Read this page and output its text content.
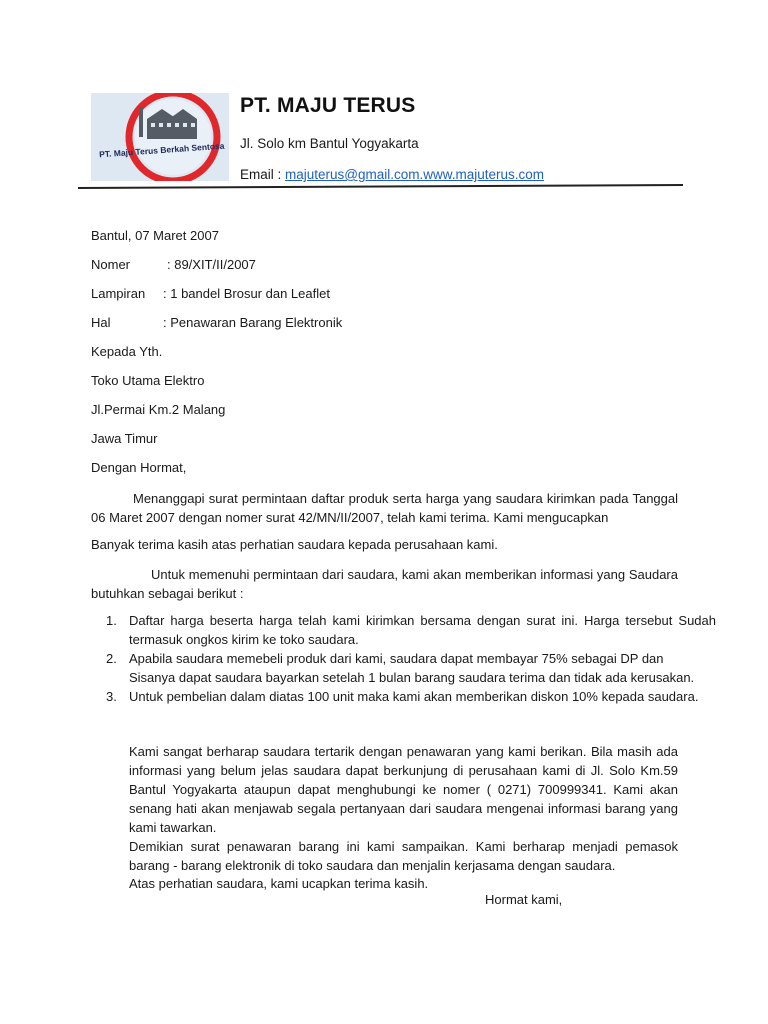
PT. Maju Terus Berkah Sentosa
PT. MAJU TERUS
Jl. Solo km Bantul Yogyakarta
Email : majuterus@gmail.com.www.majuterus.com
Bantul, 07 Maret 2007
Nomer	: 89/XIT/II/2007
Lampiran : 1 bandel Brosur dan Leaflet
Hal	: Penawaran Barang Elektronik
Kepada Yth.
Toko Utama Elektro
Jl.Permai Km.2 Malang
Jawa Timur
Dengan Hormat,
Menanggapi surat permintaan daftar produk serta harga yang saudara kirimkan pada Tanggal 06 Maret 2007 dengan nomer surat 42/MN/II/2007, telah kami terima. Kami mengucapkan
Banyak terima kasih atas perhatian saudara kepada perusahaan kami.
Untuk memenuhi permintaan dari saudara, kami akan memberikan informasi yang Saudara butuhkan sebagai berikut :
1. Daftar harga beserta harga telah kami kirimkan bersama dengan surat ini. Harga tersebut Sudah termasuk ongkos kirim ke toko saudara.
2. Apabila saudara memebeli produk dari kami, saudara dapat membayar 75% sebagai DP dan
Sisanya dapat saudara bayarkan setelah 1 bulan barang saudara terima dan tidak ada kerusakan.
3. Untuk pembelian dalam diatas 100 unit maka kami akan memberikan diskon 10% kepada saudara.
Kami sangat berharap saudara tertarik dengan penawaran yang kami berikan. Bila masih ada informasi yang belum jelas saudara dapat berkunjung di perusahaan kami di Jl. Solo Km.59 Bantul Yogyakarta ataupun dapat menghubungi ke nomer ( 0271) 700999341. Kami akan senang hati akan menjawab segala pertanyaan dari saudara mengenai informasi barang yang kami tawarkan.
Demikian surat penawaran barang ini kami sampaikan. Kami berharap menjadi pemasok barang - barang elektronik di toko saudara dan menjalin kerjasama dengan saudara.
Atas perhatian saudara, kami ucapkan terima kasih.
Hormat kami,
